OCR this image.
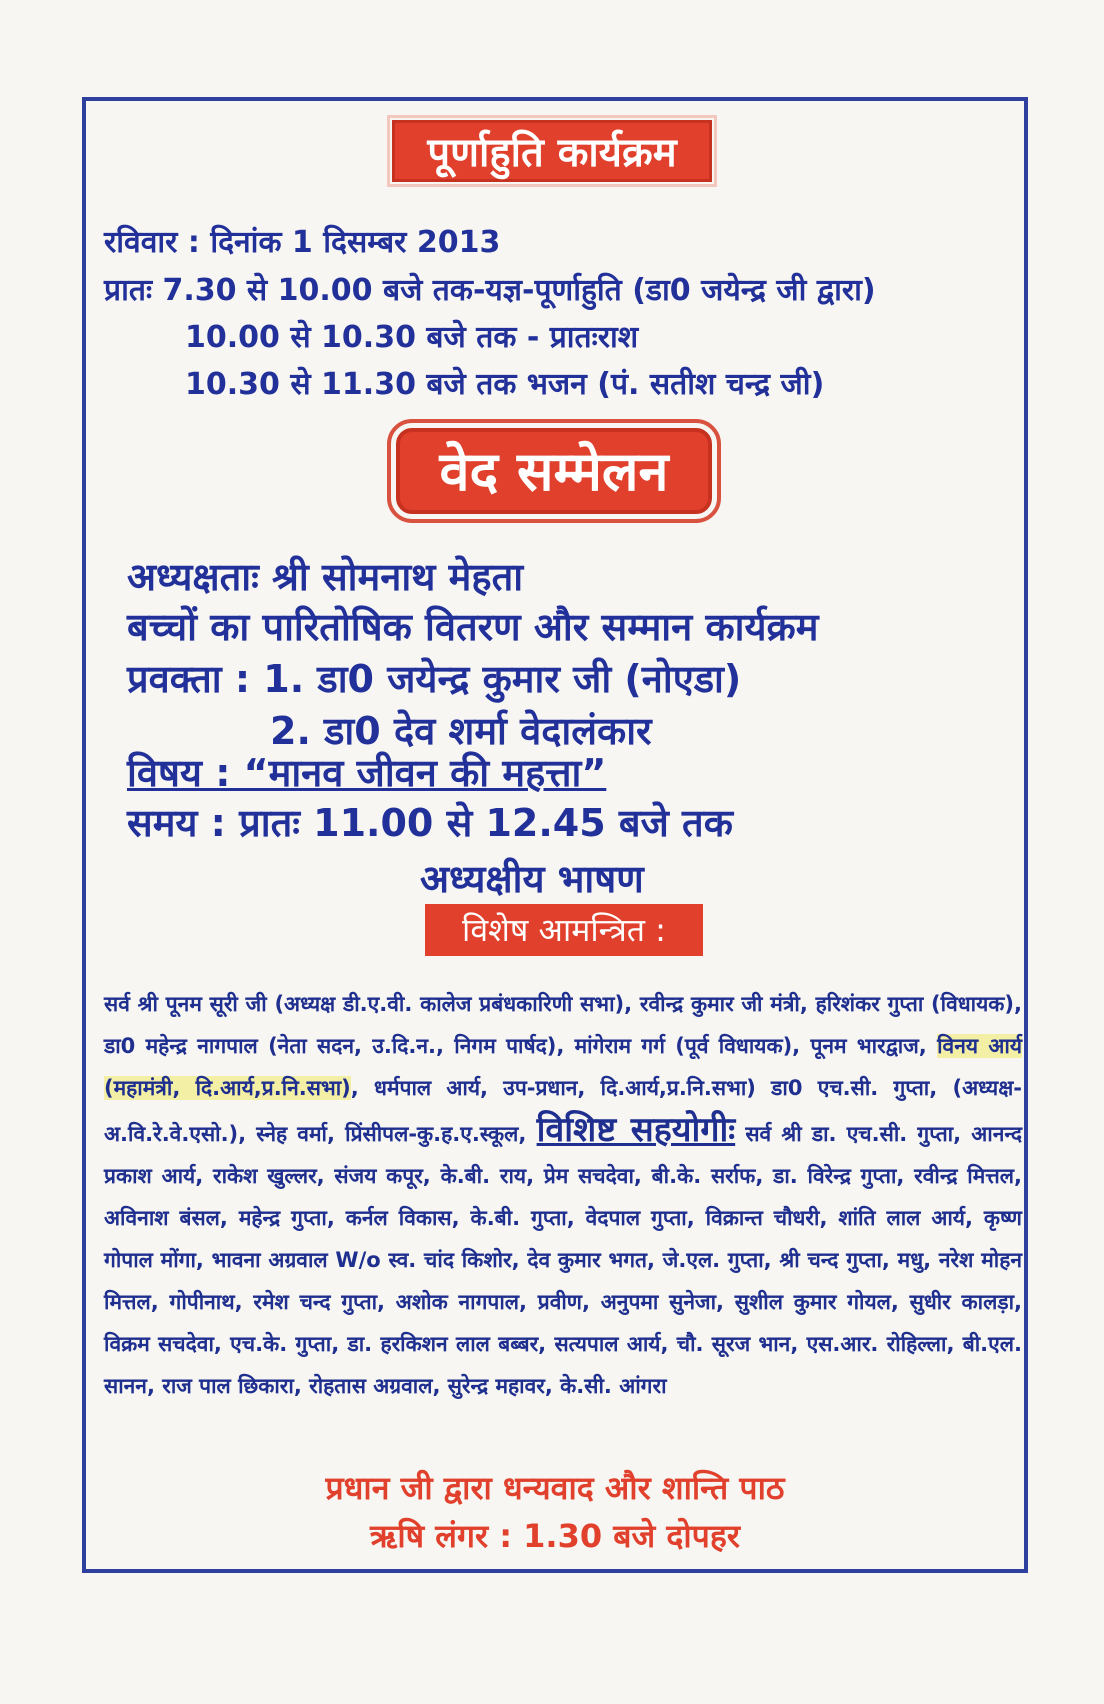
पूर्णाहुति कार्यक्रम
रविवार : दिनांक 1 दिसम्बर 2013
प्रातः 7.30 से 10.00 बजे तक-यज्ञ-पूर्णाहुति (डा0 जयेन्द्र जी द्वारा)
10.00 से 10.30 बजे तक - प्रातःराश
10.30 से 11.30 बजे तक भजन (पं. सतीश चन्द्र जी)
वेद सम्मेलन
अध्यक्षताः श्री सोमनाथ मेहता
बच्चों का पारितोषिक वितरण और सम्मान कार्यक्रम
प्रवक्ता : 1. डा0 जयेन्द्र कुमार जी (नोएडा)
2. डा0 देव शर्मा वेदालंकार
विषय : “मानव जीवन की महत्ता”
समय : प्रातः 11.00 से 12.45 बजे तक
अध्यक्षीय भाषण
विशेष आमन्त्रित :
सर्व श्री पूनम सूरी जी (अध्यक्ष डी.ए.वी. कालेज प्रबंधकारिणी सभा), रवीन्द्र कुमार जी मंत्री, हरिशंकर गुप्ता (विधायक), डा0 महेन्द्र नागपाल (नेता सदन, उ.दि.न., निगम पार्षद), मांगेराम गर्ग (पूर्व विधायक), पूनम भारद्वाज, विनय आर्य (महामंत्री, दि.आर्य,प्र.नि.सभा), धर्मपाल आर्य, उप-प्रधान, दि.आर्य,प्र.नि.सभा) डा0 एच.सी. गुप्ता, (अध्यक्ष-अ.वि.रे.वे.एसो.), स्नेह वर्मा, प्रिंसीपल-कु.ह.ए.स्कूल, विशिष्ट सहयोगीः सर्व श्री डा. एच.सी. गुप्ता, आनन्द प्रकाश आर्य, राकेश खुल्लर, संजय कपूर, के.बी. राय, प्रेम सचदेवा, बी.के. सर्राफ, डा. विरेन्द्र गुप्ता, रवीन्द्र मित्तल, अविनाश बंसल, महेन्द्र गुप्ता, कर्नल विकास, के.बी. गुप्ता, वेदपाल गुप्ता, विक्रान्त चौधरी, शांति लाल आर्य, कृष्ण गोपाल मोंगा, भावना अग्रवाल W/o स्व. चांद किशोर, देव कुमार भगत, जे.एल. गुप्ता, श्री चन्द गुप्ता, मधु, नरेश मोहन मित्तल, गोपीनाथ, रमेश चन्द गुप्ता, अशोक नागपाल, प्रवीण, अनुपमा सुनेजा, सुशील कुमार गोयल, सुधीर कालड़ा, विक्रम सचदेवा, एच.के. गुप्ता, डा. हरकिशन लाल बब्बर, सत्यपाल आर्य, चौ. सूरज भान, एस.आर. रोहिल्ला, बी.एल. सानन, राज पाल छिकारा, रोहतास अग्रवाल, सुरेन्द्र महावर, के.सी. आंगरा
प्रधान जी द्वारा धन्यवाद और शान्ति पाठ
ऋषि लंगर : 1.30 बजे दोपहर
